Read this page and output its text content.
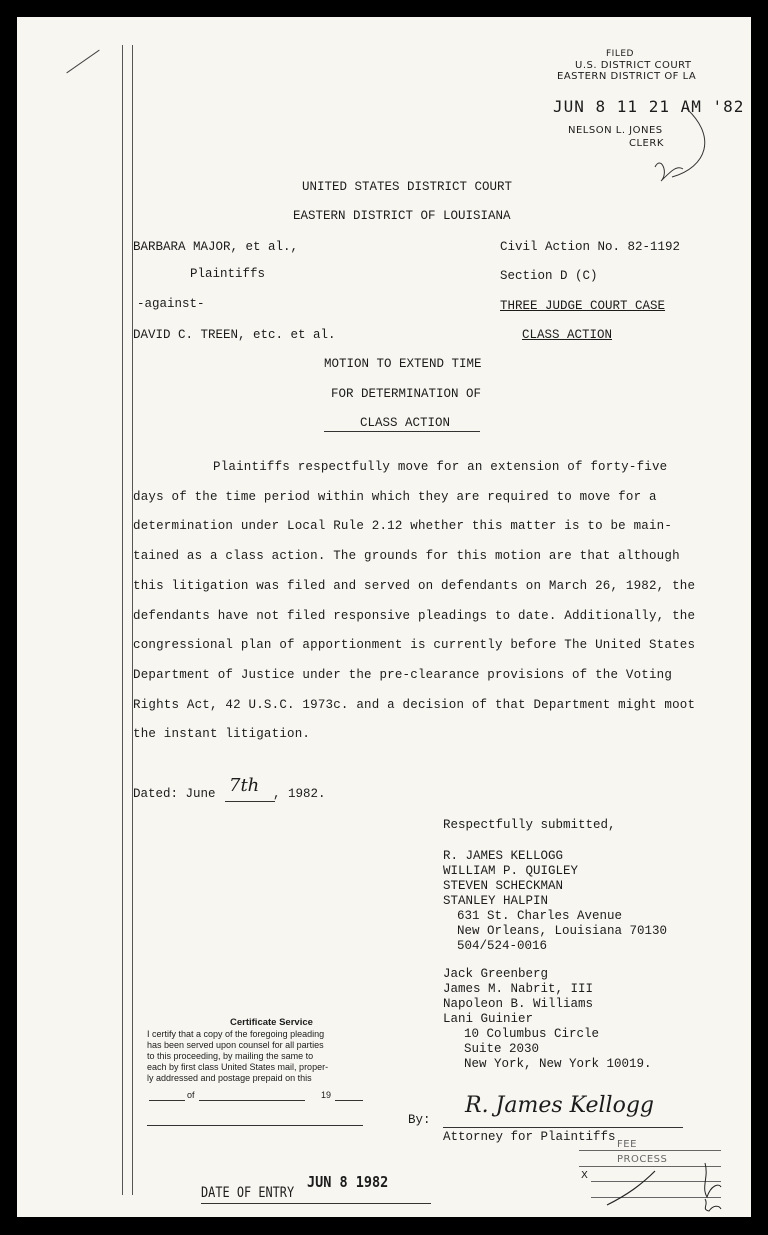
FILED
U.S. DISTRICT COURT
EASTERN DISTRICT OF LA
JUN 8 11 21 AM '82
NELSON L. JONES
CLERK
UNITED STATES DISTRICT COURT
EASTERN DISTRICT OF LOUISIANA
BARBARA MAJOR, et al.,
Plaintiffs
-against-
DAVID C. TREEN, etc. et al.
Civil Action No. 82-1192
Section D (C)
THREE JUDGE COURT CASE
CLASS ACTION
MOTION TO EXTEND TIME
FOR DETERMINATION OF
CLASS ACTION
Plaintiffs respectfully move for an extension of forty-five
days of the time period within which they are required to move for a
determination under Local Rule 2.12 whether this matter is to be main-
tained as a class action. The grounds for this motion are that although
this litigation was filed and served on defendants on March 26, 1982, the
defendants have not filed responsive pleadings to date. Additionally, the
congressional plan of apportionment is currently before The United States
Department of Justice under the pre-clearance provisions of the Voting
Rights Act, 42 U.S.C. 1973c. and a decision of that Department might moot
the instant litigation.
Dated: June 7th , 1982.
Respectfully submitted,
R. JAMES KELLOGG
WILLIAM P. QUIGLEY
STEVEN SCHECKMAN
STANLEY HALPIN
631 St. Charles Avenue
New Orleans, Louisiana 70130
504/524-0016
Jack Greenberg
James M. Nabrit, III
Napoleon B. Williams
Lani Guinier
10 Columbus Circle
Suite 2030
New York, New York 10019.
By:
R. James Kellogg
Attorney for Plaintiffs
Certificate Service
I certify that a copy of the foregoing pleading
has been served upon counsel for all parties
to this proceeding, by mailing the same to
each by first class United States mail, proper-
ly addressed and postage prepaid on this
of	19
FEE
PROCESS
X
DATE OF ENTRY
JUN 8 1982
